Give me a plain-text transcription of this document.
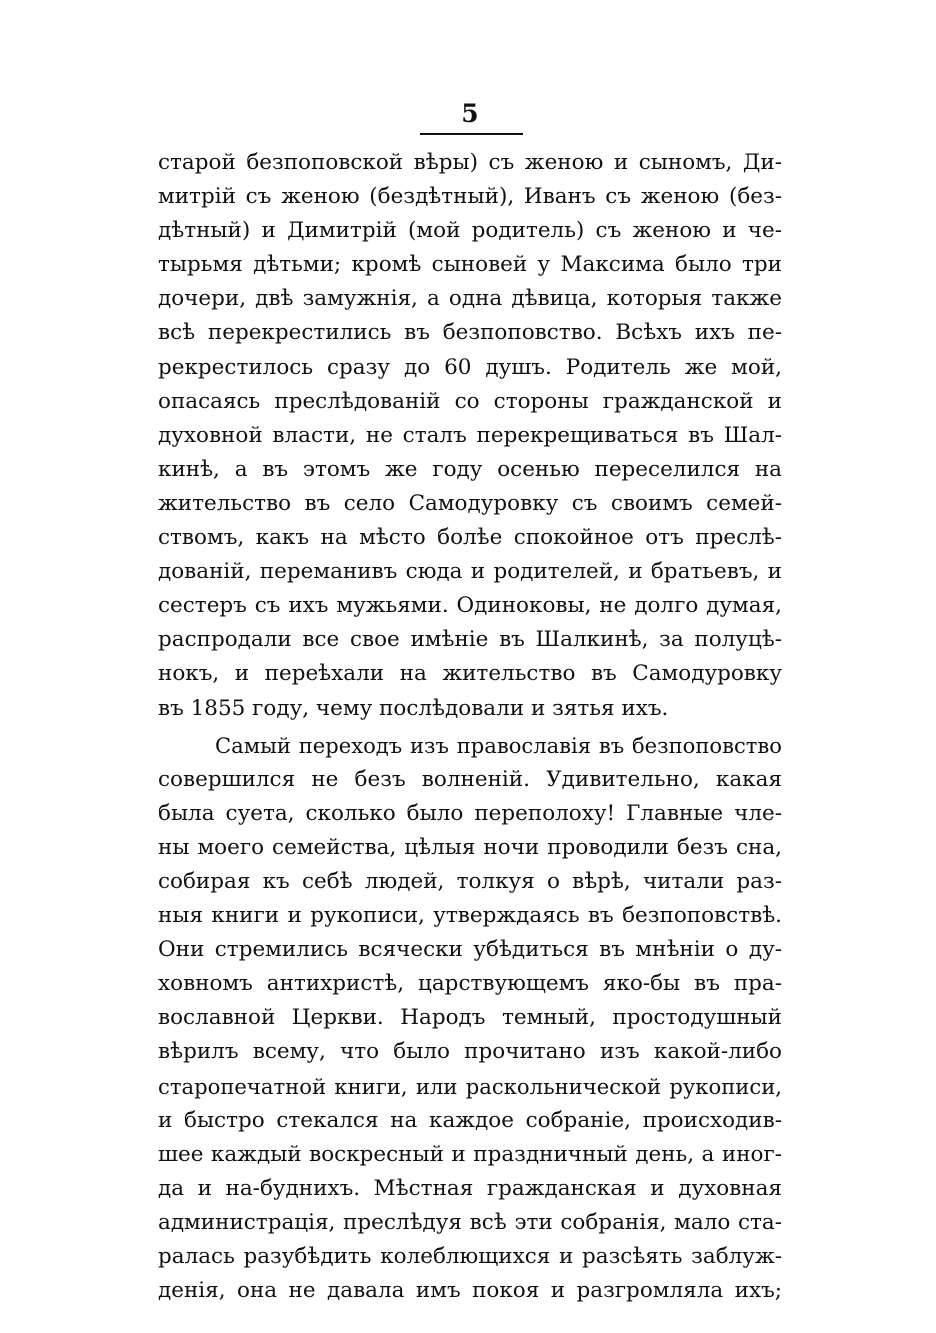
5
старой безпоповской вѣры) съ женою и сыномъ, Ди-
митрій съ женою (бездѣтный), Иванъ съ женою (без-
дѣтный) и Димитрій (мой родитель) съ женою и че-
тырьмя дѣтьми; кромѣ сыновей у Максима было три
дочери, двѣ замужнія, а одна дѣвица, которыя также
всѣ перекрестились въ безпоповство. Всѣхъ ихъ пе-
рекрестилось сразу до 60 душъ. Родитель же мой,
опасаясь преслѣдованій со стороны гражданской и
духовной власти, не сталъ перекрещиваться въ Шал-
кинѣ, а въ этомъ же году осенью переселился на
жительство въ село Самодуровку съ своимъ семей-
ствомъ, какъ на мѣсто болѣе спокойное отъ преслѣ-
дованій, переманивъ сюда и родителей, и братьевъ, и
сестеръ съ ихъ мужьями. Одиноковы, не долго думая,
распродали все свое имѣніе въ Шалкинѣ, за полуцѣ-
нокъ, и переѣхали на жительство въ Самодуровку
въ 1855 году, чему послѣдовали и зятья ихъ.
Самый переходъ изъ православія въ безпоповство
совершился не безъ волненій. Удивительно, какая
была суета, сколько было переполоху! Главные чле-
ны моего семейства, цѣлыя ночи проводили безъ сна,
собирая къ себѣ людей, толкуя о вѣрѣ, читали раз-
ныя книги и рукописи, утверждаясь въ безпоповствѣ.
Они стремились всячески убѣдиться въ мнѣніи о ду-
ховномъ антихристѣ, царствующемъ яко-бы въ пра-
вославной Церкви. Народъ темный, простодушный
вѣрилъ всему, что было прочитано изъ какой-либо
старопечатной книги, или раскольнической рукописи,
и быстро стекался на каждое собраніе, происходив-
шее каждый воскресный и праздничный день, а иног-
да и на-буднихъ. Мѣстная гражданская и духовная
администрація, преслѣдуя всѣ эти собранія, мало ста-
ралась разубѣдить колеблющихся и разсѣять заблуж-
денія, она не давала имъ покоя и разгромляла ихъ;
